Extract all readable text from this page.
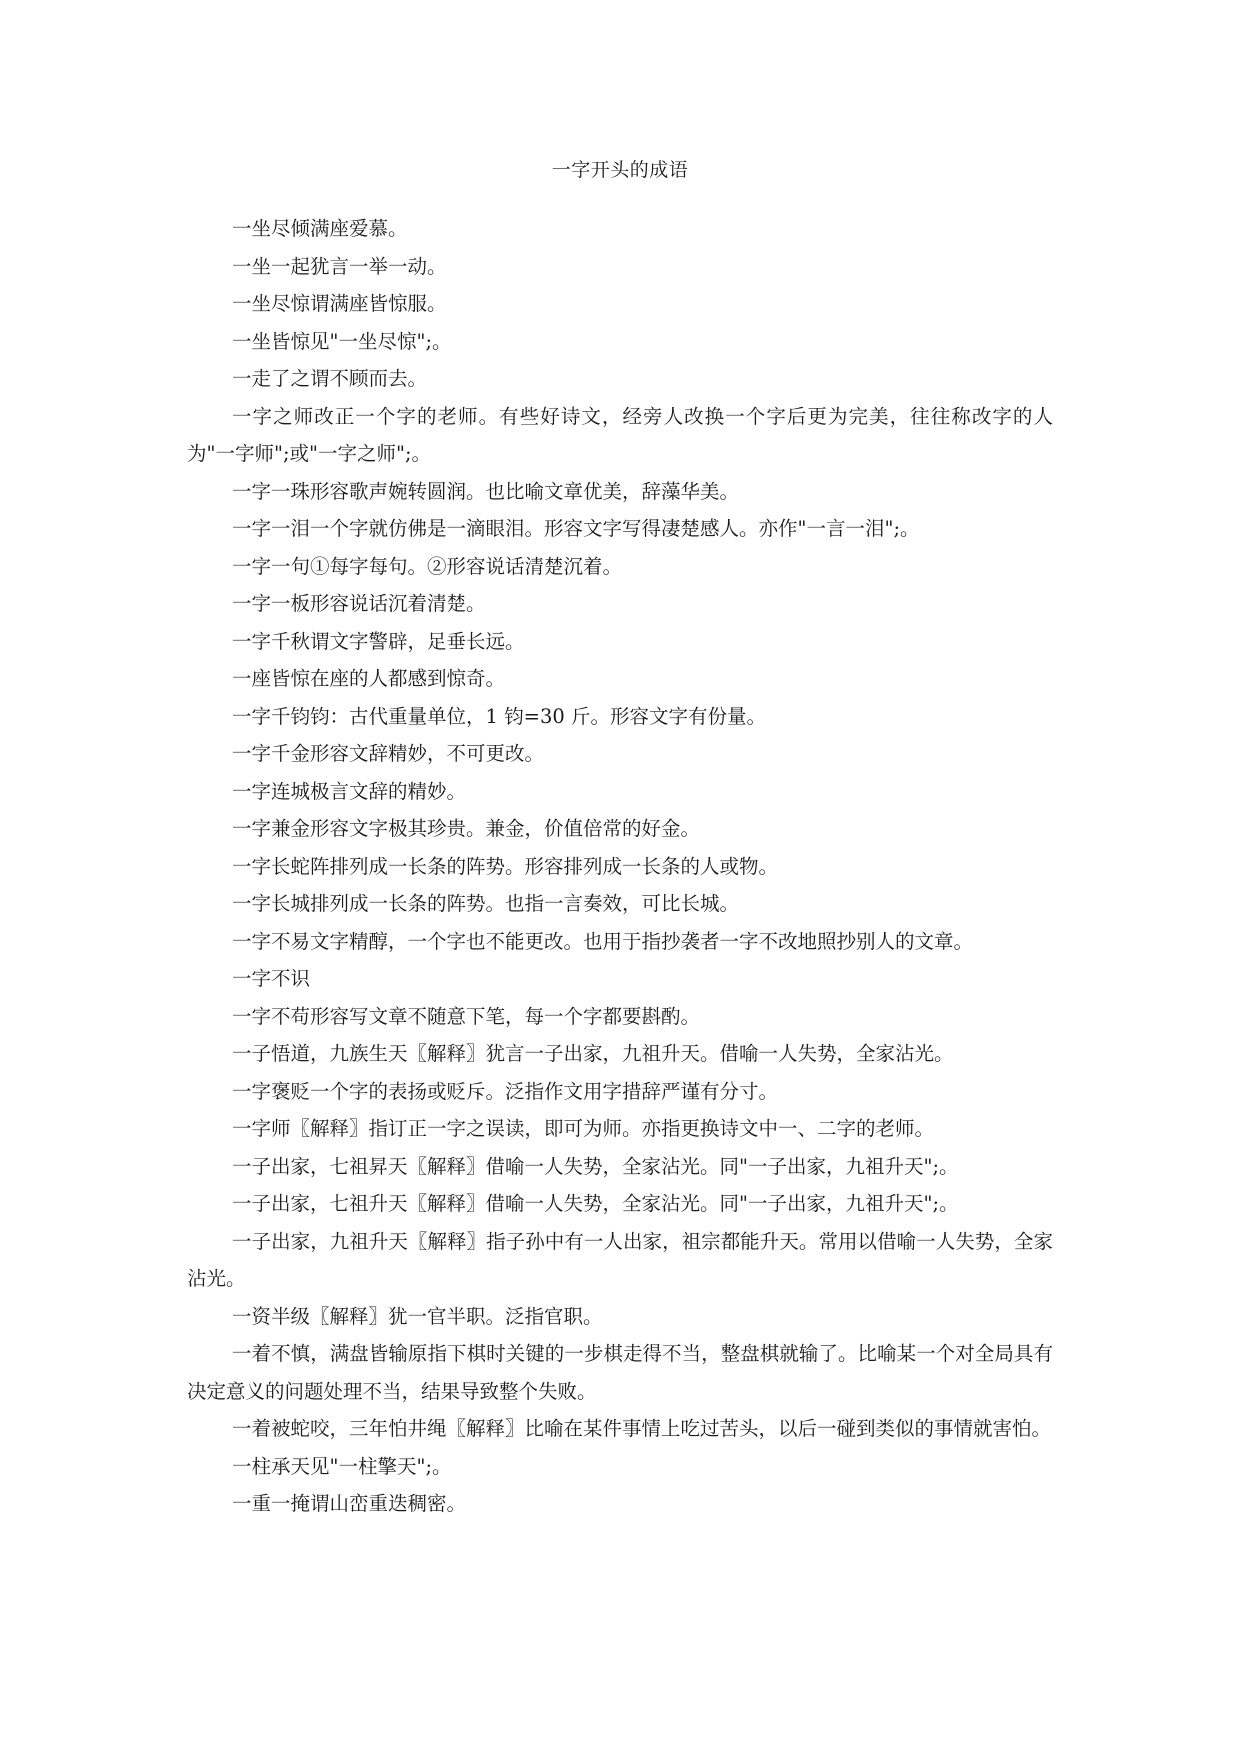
一字开头的成语

一坐尽倾满座爱慕。

一坐一起犹言一举一动。

一坐尽惊谓满座皆惊服。

一坐皆惊见"一坐尽惊";。

一走了之谓不顾而去。

一字之师改正一个字的老师。有些好诗文，经旁人改换一个字后更为完美，往往称改字的人为"一字师";或"一字之师";。

一字一珠形容歌声婉转圆润。也比喻文章优美，辞藻华美。

一字一泪一个字就仿佛是一滴眼泪。形容文字写得凄楚感人。亦作"一言一泪";。

一字一句①每字每句。②形容说话清楚沉着。

一字一板形容说话沉着清楚。

一字千秋谓文字警辟，足垂长远。

一座皆惊在座的人都感到惊奇。

一字千钧钧：古代重量单位，1 钧=30 斤。形容文字有份量。

一字千金形容文辞精妙，不可更改。

一字连城极言文辞的精妙。

一字兼金形容文字极其珍贵。兼金，价值倍常的好金。

一字长蛇阵排列成一长条的阵势。形容排列成一长条的人或物。

一字长城排列成一长条的阵势。也指一言奏效，可比长城。

一字不易文字精醇，一个字也不能更改。也用于指抄袭者一字不改地照抄别人的文章。

一字不识

一字不苟形容写文章不随意下笔，每一个字都要斟酌。

一子悟道，九族生天〖解释〗犹言一子出家，九祖升天。借喻一人失势，全家沾光。

一字褒贬一个字的表扬或贬斥。泛指作文用字措辞严谨有分寸。

一字师〖解释〗指订正一字之误读，即可为师。亦指更换诗文中一、二字的老师。

一子出家，七祖昇天〖解释〗借喻一人失势，全家沾光。同"一子出家，九祖升天";。

一子出家，七祖升天〖解释〗借喻一人失势，全家沾光。同"一子出家，九祖升天";。

一子出家，九祖升天〖解释〗指子孙中有一人出家，祖宗都能升天。常用以借喻一人失势，全家沾光。

一资半级〖解释〗犹一官半职。泛指官职。

一着不慎，满盘皆输原指下棋时关键的一步棋走得不当，整盘棋就输了。比喻某一个对全局具有决定意义的问题处理不当，结果导致整个失败。

一着被蛇咬，三年怕井绳〖解释〗比喻在某件事情上吃过苦头，以后一碰到类似的事情就害怕。

一柱承天见"一柱擎天";。

一重一掩谓山峦重迭稠密。
